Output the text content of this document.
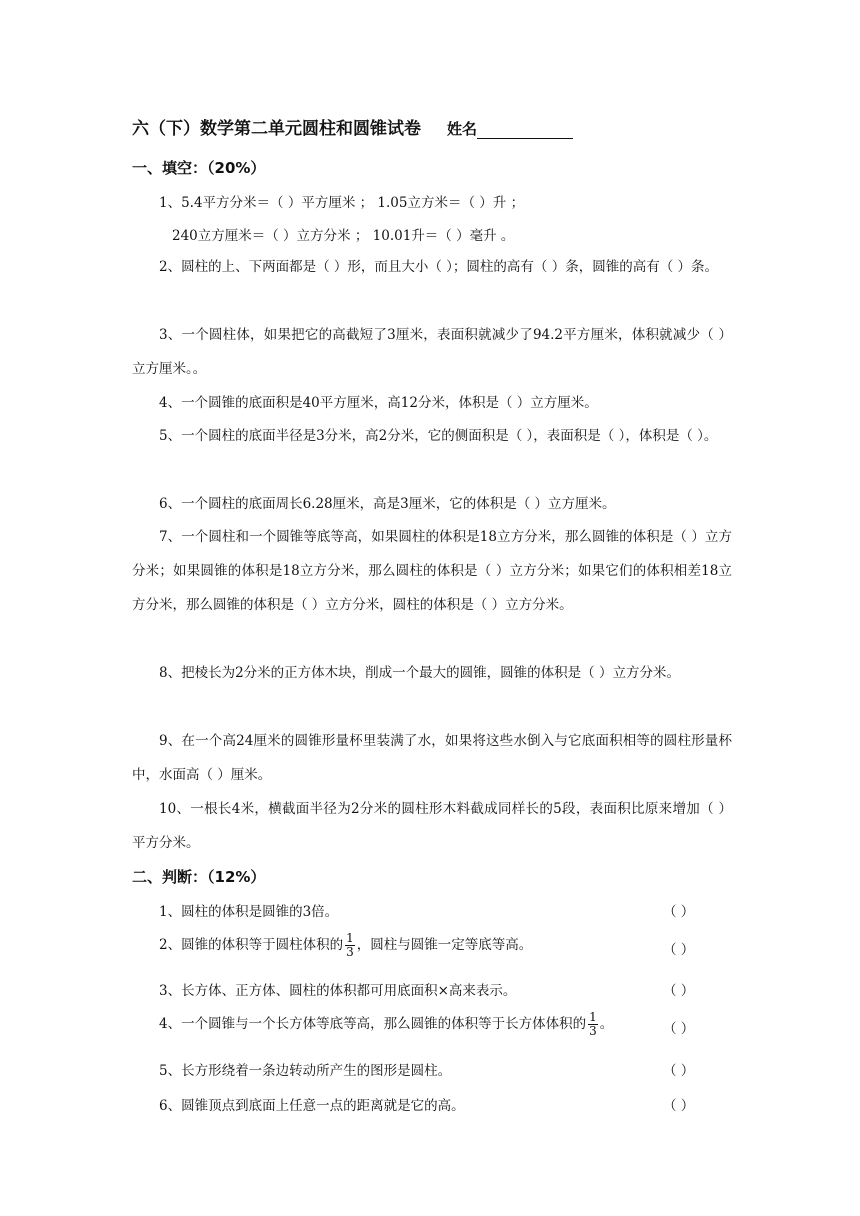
六（下）数学第二单元圆柱和圆锥试卷 姓名
一、填空：（20%）
1、5.4平方分米＝（ ）平方厘米 ； 1.05立方米＝（ ）升 ；
240立方厘米＝（ ）立方分米 ； 10.01升＝（ ）毫升 。
2、圆柱的上、下两面都是（ ）形，而且大小（ ）；圆柱的高有（ ）条，圆锥的高有（ ）条。
3、一个圆柱体，如果把它的高截短了3厘米，表面积就减少了94.2平方厘米，体积就减少（ ）立方厘米。。
4、一个圆锥的底面积是40平方厘米，高12分米，体积是（ ）立方厘米。
5、一个圆柱的底面半径是3分米，高2分米，它的侧面积是（ ），表面积是（ ），体积是（ ）。
6、一个圆柱的底面周长6.28厘米，高是3厘米，它的体积是（ ）立方厘米。
7、一个圆柱和一个圆锥等底等高，如果圆柱的体积是18立方分米，那么圆锥的体积是（ ）立方分米；如果圆锥的体积是18立方分米，那么圆柱的体积是（ ）立方分米；如果它们的体积相差18立方分米，那么圆锥的体积是（ ）立方分米，圆柱的体积是（ ）立方分米。
8、把棱长为2分米的正方体木块，削成一个最大的圆锥，圆锥的体积是（ ）立方分米。
9、在一个高24厘米的圆锥形量杯里装满了水，如果将这些水倒入与它底面积相等的圆柱形量杯中，水面高（ ）厘米。
10、一根长4米，横截面半径为2分米的圆柱形木料截成同样长的5段，表面积比原来增加（ ）平方分米。
二、判断：（12%）
1、圆柱的体积是圆锥的3倍。	（ ）
2、圆锥的体积等于圆柱体积的 $\frac{1}{3}$ ，圆柱与圆锥一定等底等高。	（ ）
3、长方体、正方体、圆柱的体积都可用底面积×高来表示。	（ ）
4、一个圆锥与一个长方体等底等高，那么圆锥的体积等于长方体体积的 $\frac{1}{3}$ 。	（ ）
5、长方形绕着一条边转动所产生的图形是圆柱。	（ ）
6、圆锥顶点到底面上任意一点的距离就是它的高。	（ ）
